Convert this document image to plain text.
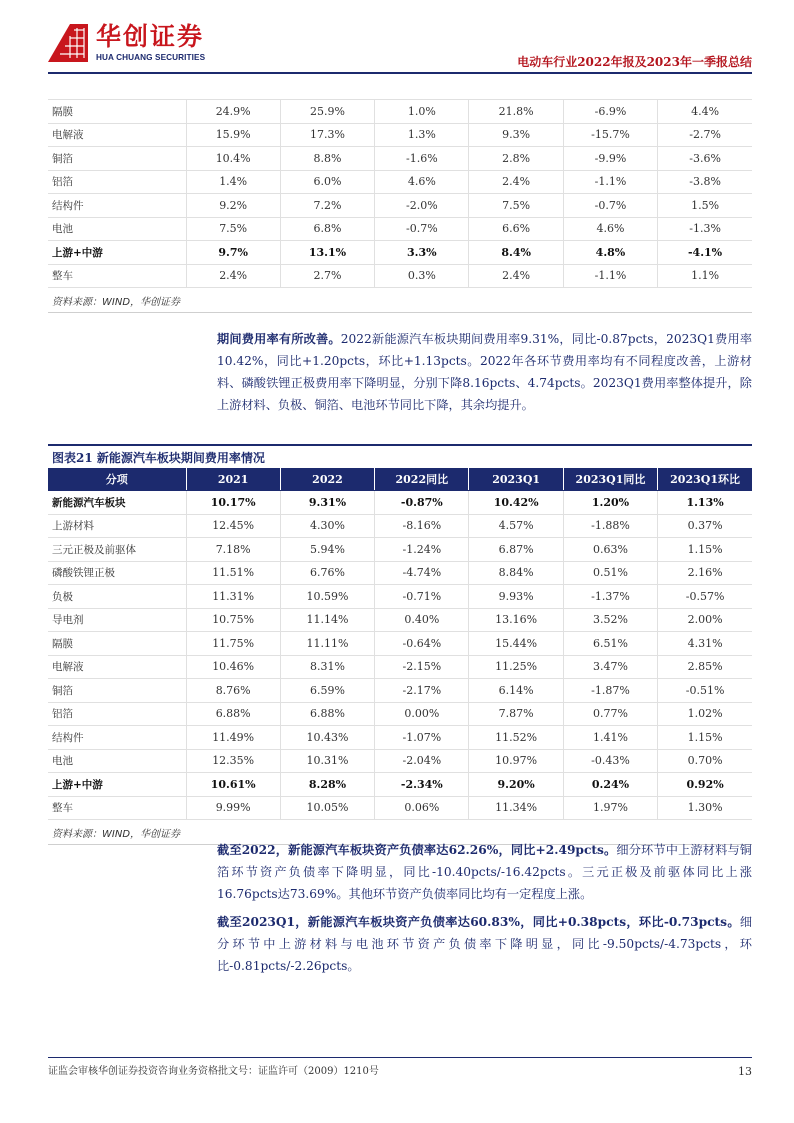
华创证券
HUA CHUANG SECURITIES	电动车行业2022年报及2023年一季报总结
隔膜	24.9%	25.9%	1.0%	21.8%	-6.9%	4.4%
电解液	15.9%	17.3%	1.3%	9.3%	-15.7%	-2.7%
铜箔	10.4%	8.8%	-1.6%	2.8%	-9.9%	-3.6%
铝箔	1.4%	6.0%	4.6%	2.4%	-1.1%	-3.8%
结构件	9.2%	7.2%	-2.0%	7.5%	-0.7%	1.5%
电池	7.5%	6.8%	-0.7%	6.6%	4.6%	-1.3%
上游+中游	9.7%	13.1%	3.3%	8.4%	4.8%	-4.1%
整车	2.4%	2.7%	0.3%	2.4%	-1.1%	1.1%
资料来源：WIND，华创证券						

期间费用率有所改善。2022新能源汽车板块期间费用率9.31%，同比-0.87pcts，2023Q1费用率10.42%，同比+1.20pcts，环比+1.13pcts。2022年各环节费用率均有不同程度改善，上游材料、磷酸铁锂正极费用率下降明显，分别下降8.16pcts、4.74pcts。2023Q1费用率整体提升，除上游材料、负极、铜箔、电池环节同比下降，其余均提升。

图表21 新能源汽车板块期间费用率情况						
分项	2021	2022	2022同比	2023Q1	2023Q1同比	2023Q1环比
新能源汽车板块	10.17%	9.31%	-0.87%	10.42%	1.20%	1.13%
上游材料	12.45%	4.30%	-8.16%	4.57%	-1.88%	0.37%
三元正极及前驱体	7.18%	5.94%	-1.24%	6.87%	0.63%	1.15%
磷酸铁锂正极	11.51%	6.76%	-4.74%	8.84%	0.51%	2.16%
负极	11.31%	10.59%	-0.71%	9.93%	-1.37%	-0.57%
导电剂	10.75%	11.14%	0.40%	13.16%	3.52%	2.00%
隔膜	11.75%	11.11%	-0.64%	15.44%	6.51%	4.31%
电解液	10.46%	8.31%	-2.15%	11.25%	3.47%	2.85%
铜箔	8.76%	6.59%	-2.17%	6.14%	-1.87%	-0.51%
铝箔	6.88%	6.88%	0.00%	7.87%	0.77%	1.02%
结构件	11.49%	10.43%	-1.07%	11.52%	1.41%	1.15%
电池	12.35%	10.31%	-2.04%	10.97%	-0.43%	0.70%
上游+中游	10.61%	8.28%	-2.34%	9.20%	0.24%	0.92%
整车	9.99%	10.05%	0.06%	11.34%	1.97%	1.30%
资料来源：WIND，华创证券						

截至2022，新能源汽车板块资产负债率达62.26%，同比+2.49pcts。细分环节中上游材料与铜箔环节资产负债率下降明显，同比-10.40pcts/-16.42pcts。三元正极及前驱体同比上涨16.76pcts达73.69%。其他环节资产负债率同比均有一定程度上涨。

截至2023Q1，新能源汽车板块资产负债率达60.83%，同比+0.38pcts，环比-0.73pcts。细分环节中上游材料与电池环节资产负债率下降明显，同比-9.50pcts/-4.73pcts，环比-0.81pcts/-2.26pcts。

证监会审核华创证券投资咨询业务资格批文号：证监许可（2009）1210号	13
